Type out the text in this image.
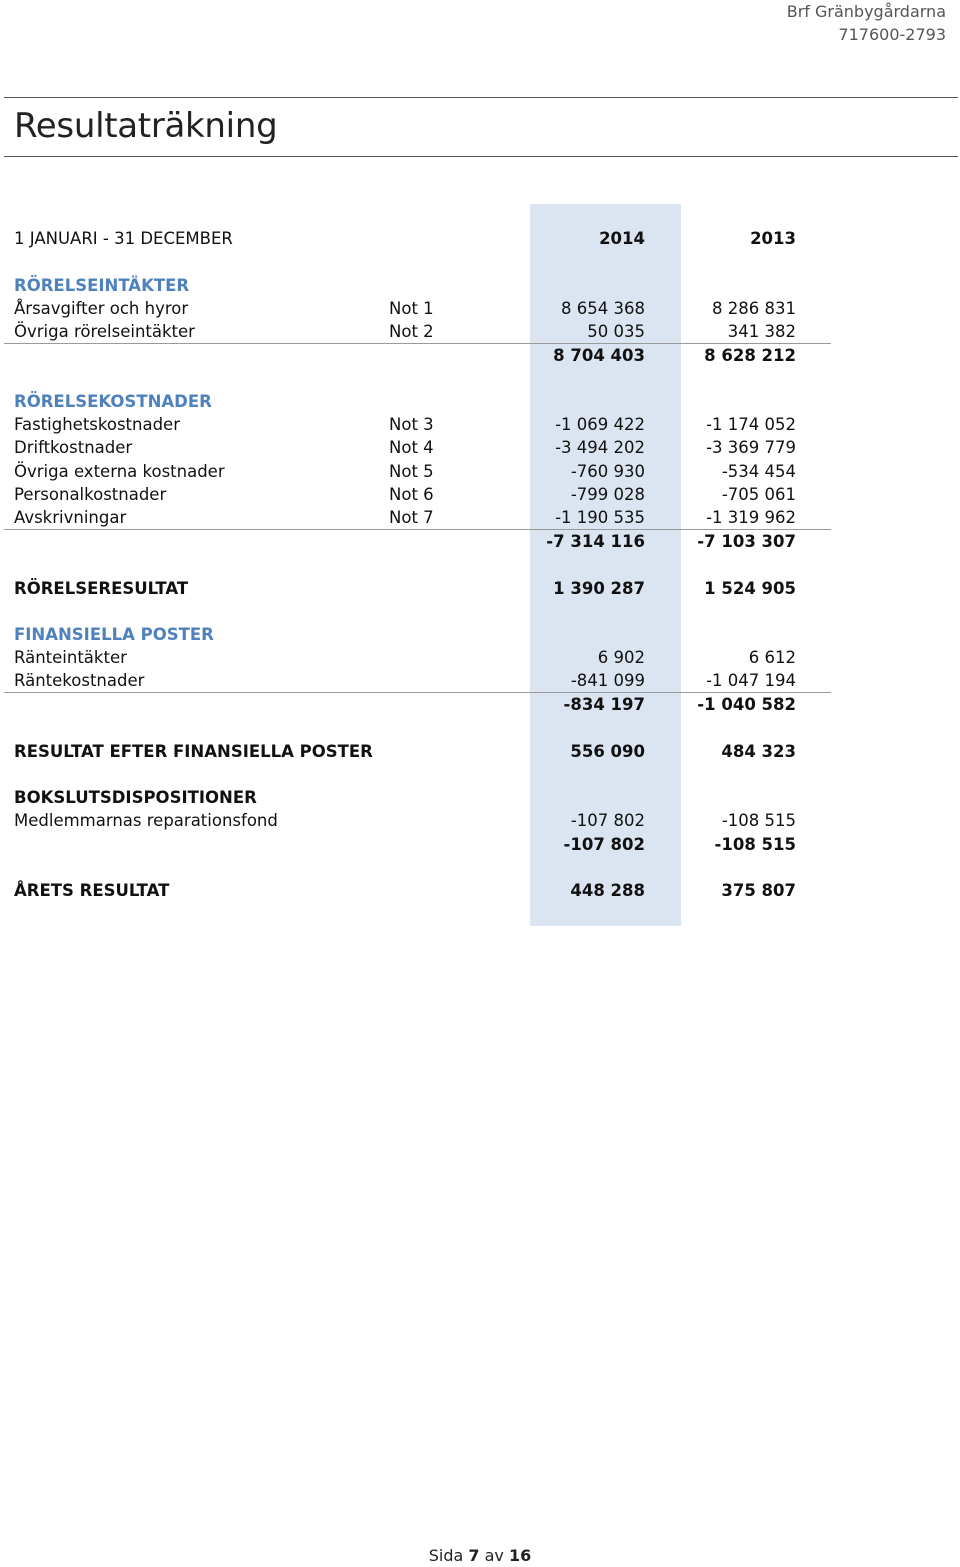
Brf Gränbygårdarna
717600-2793
Resultaträkning
1 JANUARI - 31 DECEMBER	2014	2013
RÖRELSEINTÄKTER
Årsavgifter och hyror	Not 1	8 654 368	8 286 831
Övriga rörelseintäkter	Not 2	50 035	341 382
8 704 403	8 628 212
RÖRELSEKOSTNADER
Fastighetskostnader	Not 3	-1 069 422	-1 174 052
Driftkostnader	Not 4	-3 494 202	-3 369 779
Övriga externa kostnader	Not 5	-760 930	-534 454
Personalkostnader	Not 6	-799 028	-705 061
Avskrivningar	Not 7	-1 190 535	-1 319 962
-7 314 116	-7 103 307
RÖRELSERESULTAT	1 390 287	1 524 905
FINANSIELLA POSTER
Ränteintäkter	6 902	6 612
Räntekostnader	-841 099	-1 047 194
-834 197	-1 040 582
RESULTAT EFTER FINANSIELLA POSTER	556 090	484 323
BOKSLUTSDISPOSITIONER
Medlemmarnas reparationsfond	-107 802	-108 515
-107 802	-108 515
ÅRETS RESULTAT	448 288	375 807
Sida 7 av 16
